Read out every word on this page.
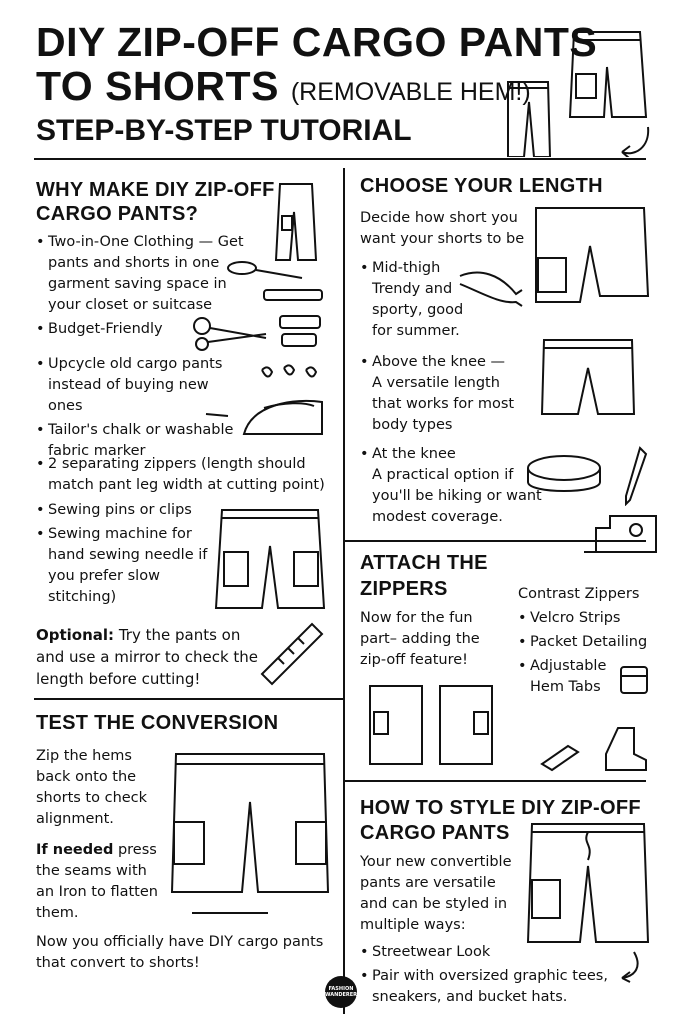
DIY ZIP-OFF CARGO PANTS
TO SHORTS (REMOVABLE HEM!)
STEP-BY-STEP TUTORIAL
WHY MAKE DIY ZIP-OFF
CARGO PANTS?
• Two-in-One Clothing — Get pants and shorts in one garment saving space in your closet or suitcase
• Budget-Friendly
• Upcycle old cargo pants instead of buying new ones
• Tailor's chalk or washable fabric marker
• 2 separating zippers (length should match pant leg width at cutting point)
• Sewing pins or clips
• Sewing machine for hand sewing needle if you prefer slow stitching)
Optional: Try the pants on and use a mirror to check the length before cutting!
CHOOSE YOUR LENGTH
Decide how short you want your shorts to be
• Mid-thigh
Trendy and sporty, good for summer.
• Above the knee —
A versatile length that works for most body types
• At the knee
A practical option if you'll be hiking or want modest coverage.
ATTACH THE
ZIPPERS
Now for the fun part– adding the zip-off feature!
Contrast Zippers
• Velcro Strips
• Packet Detailing
• Adjustable Hem Tabs
TEST THE CONVERSION
Zip the hems back onto the shorts to check alignment.
If needed press the seams with an Iron to flatten them.
Now you officially have DIY cargo pants that convert to shorts!
HOW TO STYLE DIY ZIP-OFF
CARGO PANTS
Your new convertible pants are versatile and can be styled in multiple ways:
• Streetwear Look
• Pair with oversized graphic tees, sneakers, and bucket hats.
FASHION
WANDERER
